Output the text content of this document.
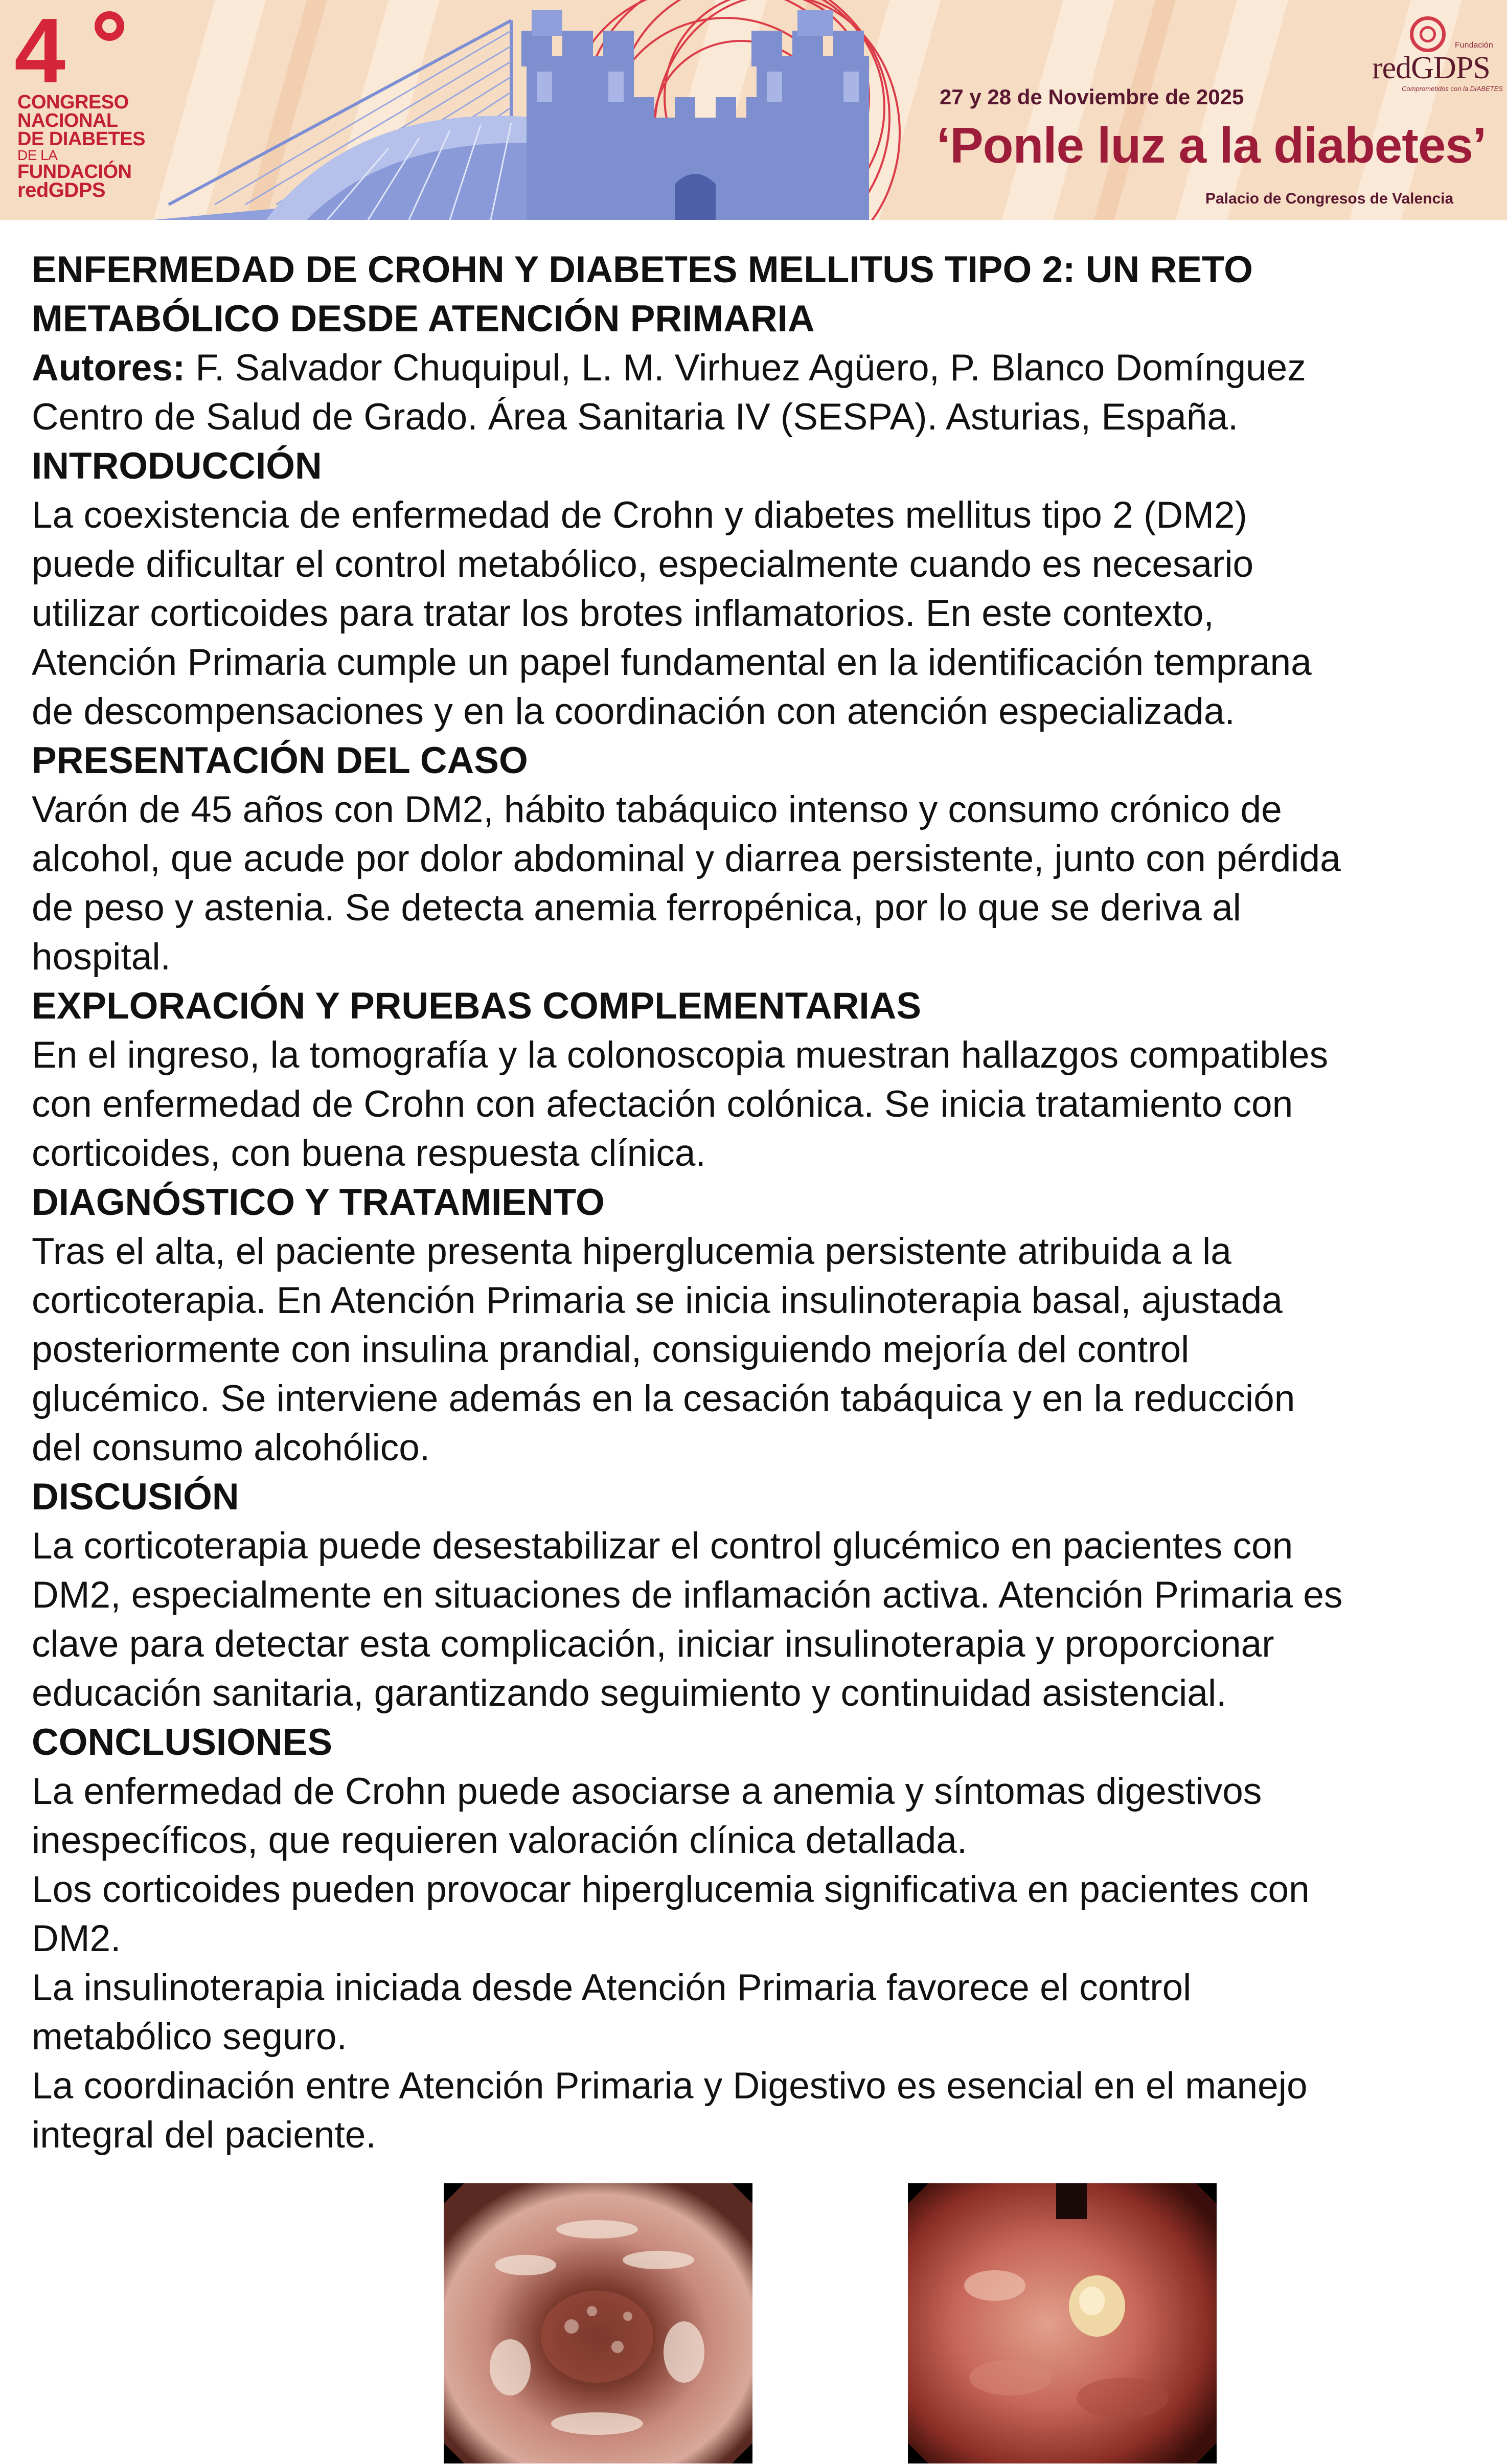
4
CONGRESO
NACIONAL
DE DIABETES
DE LA
FUNDACIÓN
redGDPS
27 y 28 de Noviembre de 2025
‘Ponle luz a la diabetes’
Palacio de Congresos de Valencia
Fundación
redGDPS
Comprometidos con la DIABETES

ENFERMEDAD DE CROHN Y DIABETES MELLITUS TIPO 2: UN RETO

METABÓLICO DESDE ATENCIÓN PRIMARIA

Autores: F. Salvador Chuquipul, L. M. Virhuez Agüero, P. Blanco Domínguez

Centro de Salud de Grado. Área Sanitaria IV (SESPA). Asturias, España.

INTRODUCCIÓN

La coexistencia de enfermedad de Crohn y diabetes mellitus tipo 2 (DM2)

puede dificultar el control metabólico, especialmente cuando es necesario

utilizar corticoides para tratar los brotes inflamatorios. En este contexto,

Atención Primaria cumple un papel fundamental en la identificación temprana

de descompensaciones y en la coordinación con atención especializada.

PRESENTACIÓN DEL CASO

Varón de 45 años con DM2, hábito tabáquico intenso y consumo crónico de

alcohol, que acude por dolor abdominal y diarrea persistente, junto con pérdida

de peso y astenia. Se detecta anemia ferropénica, por lo que se deriva al

hospital.

EXPLORACIÓN Y PRUEBAS COMPLEMENTARIAS

En el ingreso, la tomografía y la colonoscopia muestran hallazgos compatibles

con enfermedad de Crohn con afectación colónica. Se inicia tratamiento con

corticoides, con buena respuesta clínica.

DIAGNÓSTICO Y TRATAMIENTO

Tras el alta, el paciente presenta hiperglucemia persistente atribuida a la

corticoterapia. En Atención Primaria se inicia insulinoterapia basal, ajustada

posteriormente con insulina prandial, consiguiendo mejoría del control

glucémico. Se interviene además en la cesación tabáquica y en la reducción

del consumo alcohólico.

DISCUSIÓN

La corticoterapia puede desestabilizar el control glucémico en pacientes con

DM2, especialmente en situaciones de inflamación activa. Atención Primaria es

clave para detectar esta complicación, iniciar insulinoterapia y proporcionar

educación sanitaria, garantizando seguimiento y continuidad asistencial.

CONCLUSIONES

La enfermedad de Crohn puede asociarse a anemia y síntomas digestivos

inespecíficos, que requieren valoración clínica detallada.

Los corticoides pueden provocar hiperglucemia significativa en pacientes con

DM2.

La insulinoterapia iniciada desde Atención Primaria favorece el control

metabólico seguro.

La coordinación entre Atención Primaria y Digestivo es esencial en el manejo

integral del paciente.
